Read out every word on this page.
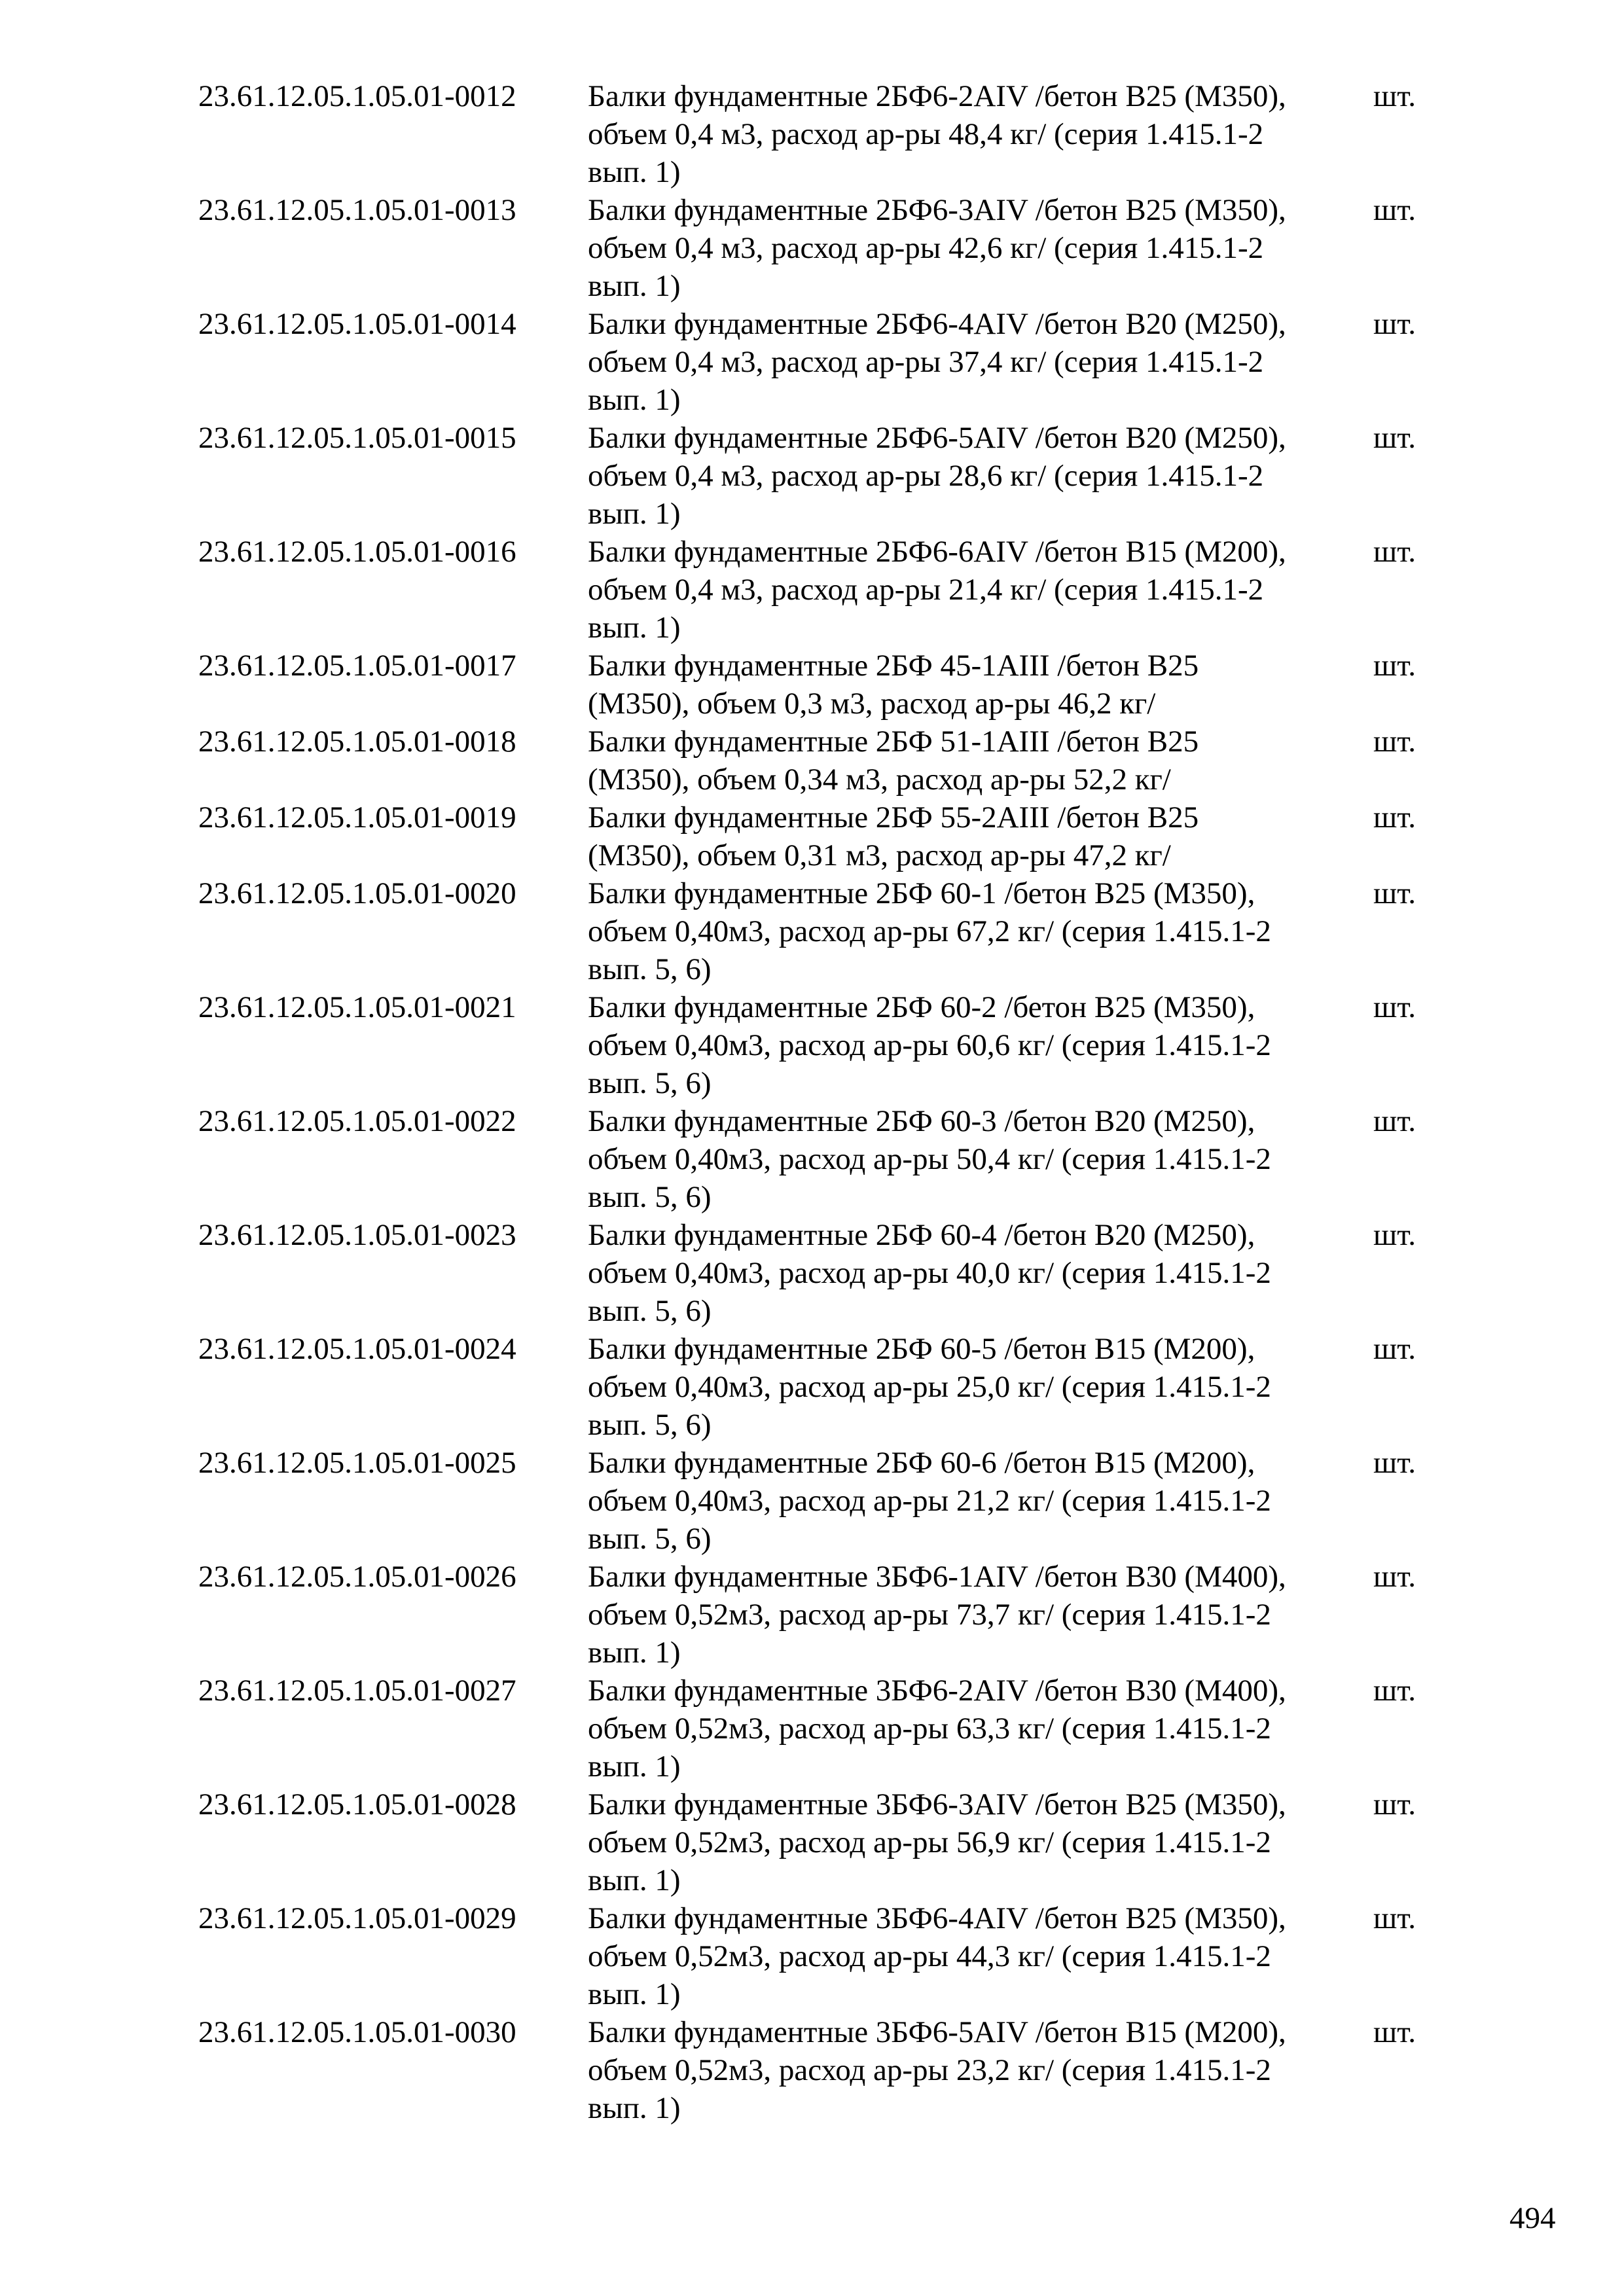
23.61.12.05.1.05.01-0012 Балки фундаментные 2БФ6-2AIV /бетон В25 (М350),
объем 0,4 м3, расход ар-ры 48,4 кг/ (серия 1.415.1-2
вып. 1)
шт.
23.61.12.05.1.05.01-0013 Балки фундаментные 2БФ6-3AIV /бетон В25 (М350),
объем 0,4 м3, расход ар-ры 42,6 кг/ (серия 1.415.1-2
вып. 1)
шт.
23.61.12.05.1.05.01-0014 Балки фундаментные 2БФ6-4AIV /бетон В20 (М250),
объем 0,4 м3, расход ар-ры 37,4 кг/ (серия 1.415.1-2
вып. 1)
шт.
23.61.12.05.1.05.01-0015 Балки фундаментные 2БФ6-5AIV /бетон В20 (М250),
объем 0,4 м3, расход ар-ры 28,6 кг/ (серия 1.415.1-2
вып. 1)
шт.
23.61.12.05.1.05.01-0016 Балки фундаментные 2БФ6-6AIV /бетон В15 (М200),
объем 0,4 м3, расход ар-ры 21,4 кг/ (серия 1.415.1-2
вып. 1)
шт.
23.61.12.05.1.05.01-0017 Балки фундаментные 2БФ 45-1AIII /бетон В25
(М350), объем 0,3 м3, расход ар-ры 46,2 кг/
шт.
23.61.12.05.1.05.01-0018 Балки фундаментные 2БФ 51-1AIII /бетон В25
(М350), объем 0,34 м3, расход ар-ры 52,2 кг/
шт.
23.61.12.05.1.05.01-0019 Балки фундаментные 2БФ 55-2AIII /бетон В25
(М350), объем 0,31 м3, расход ар-ры 47,2 кг/
шт.
23.61.12.05.1.05.01-0020 Балки фундаментные 2БФ 60-1 /бетон В25 (М350),
объем 0,40м3, расход ар-ры 67,2 кг/ (серия 1.415.1-2
вып. 5, 6)
шт.
23.61.12.05.1.05.01-0021 Балки фундаментные 2БФ 60-2 /бетон В25 (М350),
объем 0,40м3, расход ар-ры 60,6 кг/ (серия 1.415.1-2
вып. 5, 6)
шт.
23.61.12.05.1.05.01-0022 Балки фундаментные 2БФ 60-3 /бетон В20 (М250),
объем 0,40м3, расход ар-ры 50,4 кг/ (серия 1.415.1-2
вып. 5, 6)
шт.
23.61.12.05.1.05.01-0023 Балки фундаментные 2БФ 60-4 /бетон В20 (М250),
объем 0,40м3, расход ар-ры 40,0 кг/ (серия 1.415.1-2
вып. 5, 6)
шт.
23.61.12.05.1.05.01-0024 Балки фундаментные 2БФ 60-5 /бетон В15 (М200),
объем 0,40м3, расход ар-ры 25,0 кг/ (серия 1.415.1-2
вып. 5, 6)
шт.
23.61.12.05.1.05.01-0025 Балки фундаментные 2БФ 60-6 /бетон В15 (М200),
объем 0,40м3, расход ар-ры 21,2 кг/ (серия 1.415.1-2
вып. 5, 6)
шт.
23.61.12.05.1.05.01-0026 Балки фундаментные 3БФ6-1AIV /бетон В30 (М400),
объем 0,52м3, расход ар-ры 73,7 кг/ (серия 1.415.1-2
вып. 1)
шт.
23.61.12.05.1.05.01-0027 Балки фундаментные 3БФ6-2AIV /бетон В30 (М400),
объем 0,52м3, расход ар-ры 63,3 кг/ (серия 1.415.1-2
вып. 1)
шт.
23.61.12.05.1.05.01-0028 Балки фундаментные 3БФ6-3AIV /бетон В25 (М350),
объем 0,52м3, расход ар-ры 56,9 кг/ (серия 1.415.1-2
вып. 1)
шт.
23.61.12.05.1.05.01-0029 Балки фундаментные 3БФ6-4AIV /бетон В25 (М350),
объем 0,52м3, расход ар-ры 44,3 кг/ (серия 1.415.1-2
вып. 1)
шт.
23.61.12.05.1.05.01-0030 Балки фундаментные 3БФ6-5AIV /бетон В15 (М200),
объем 0,52м3, расход ар-ры 23,2 кг/ (серия 1.415.1-2
вып. 1)
шт.
494
